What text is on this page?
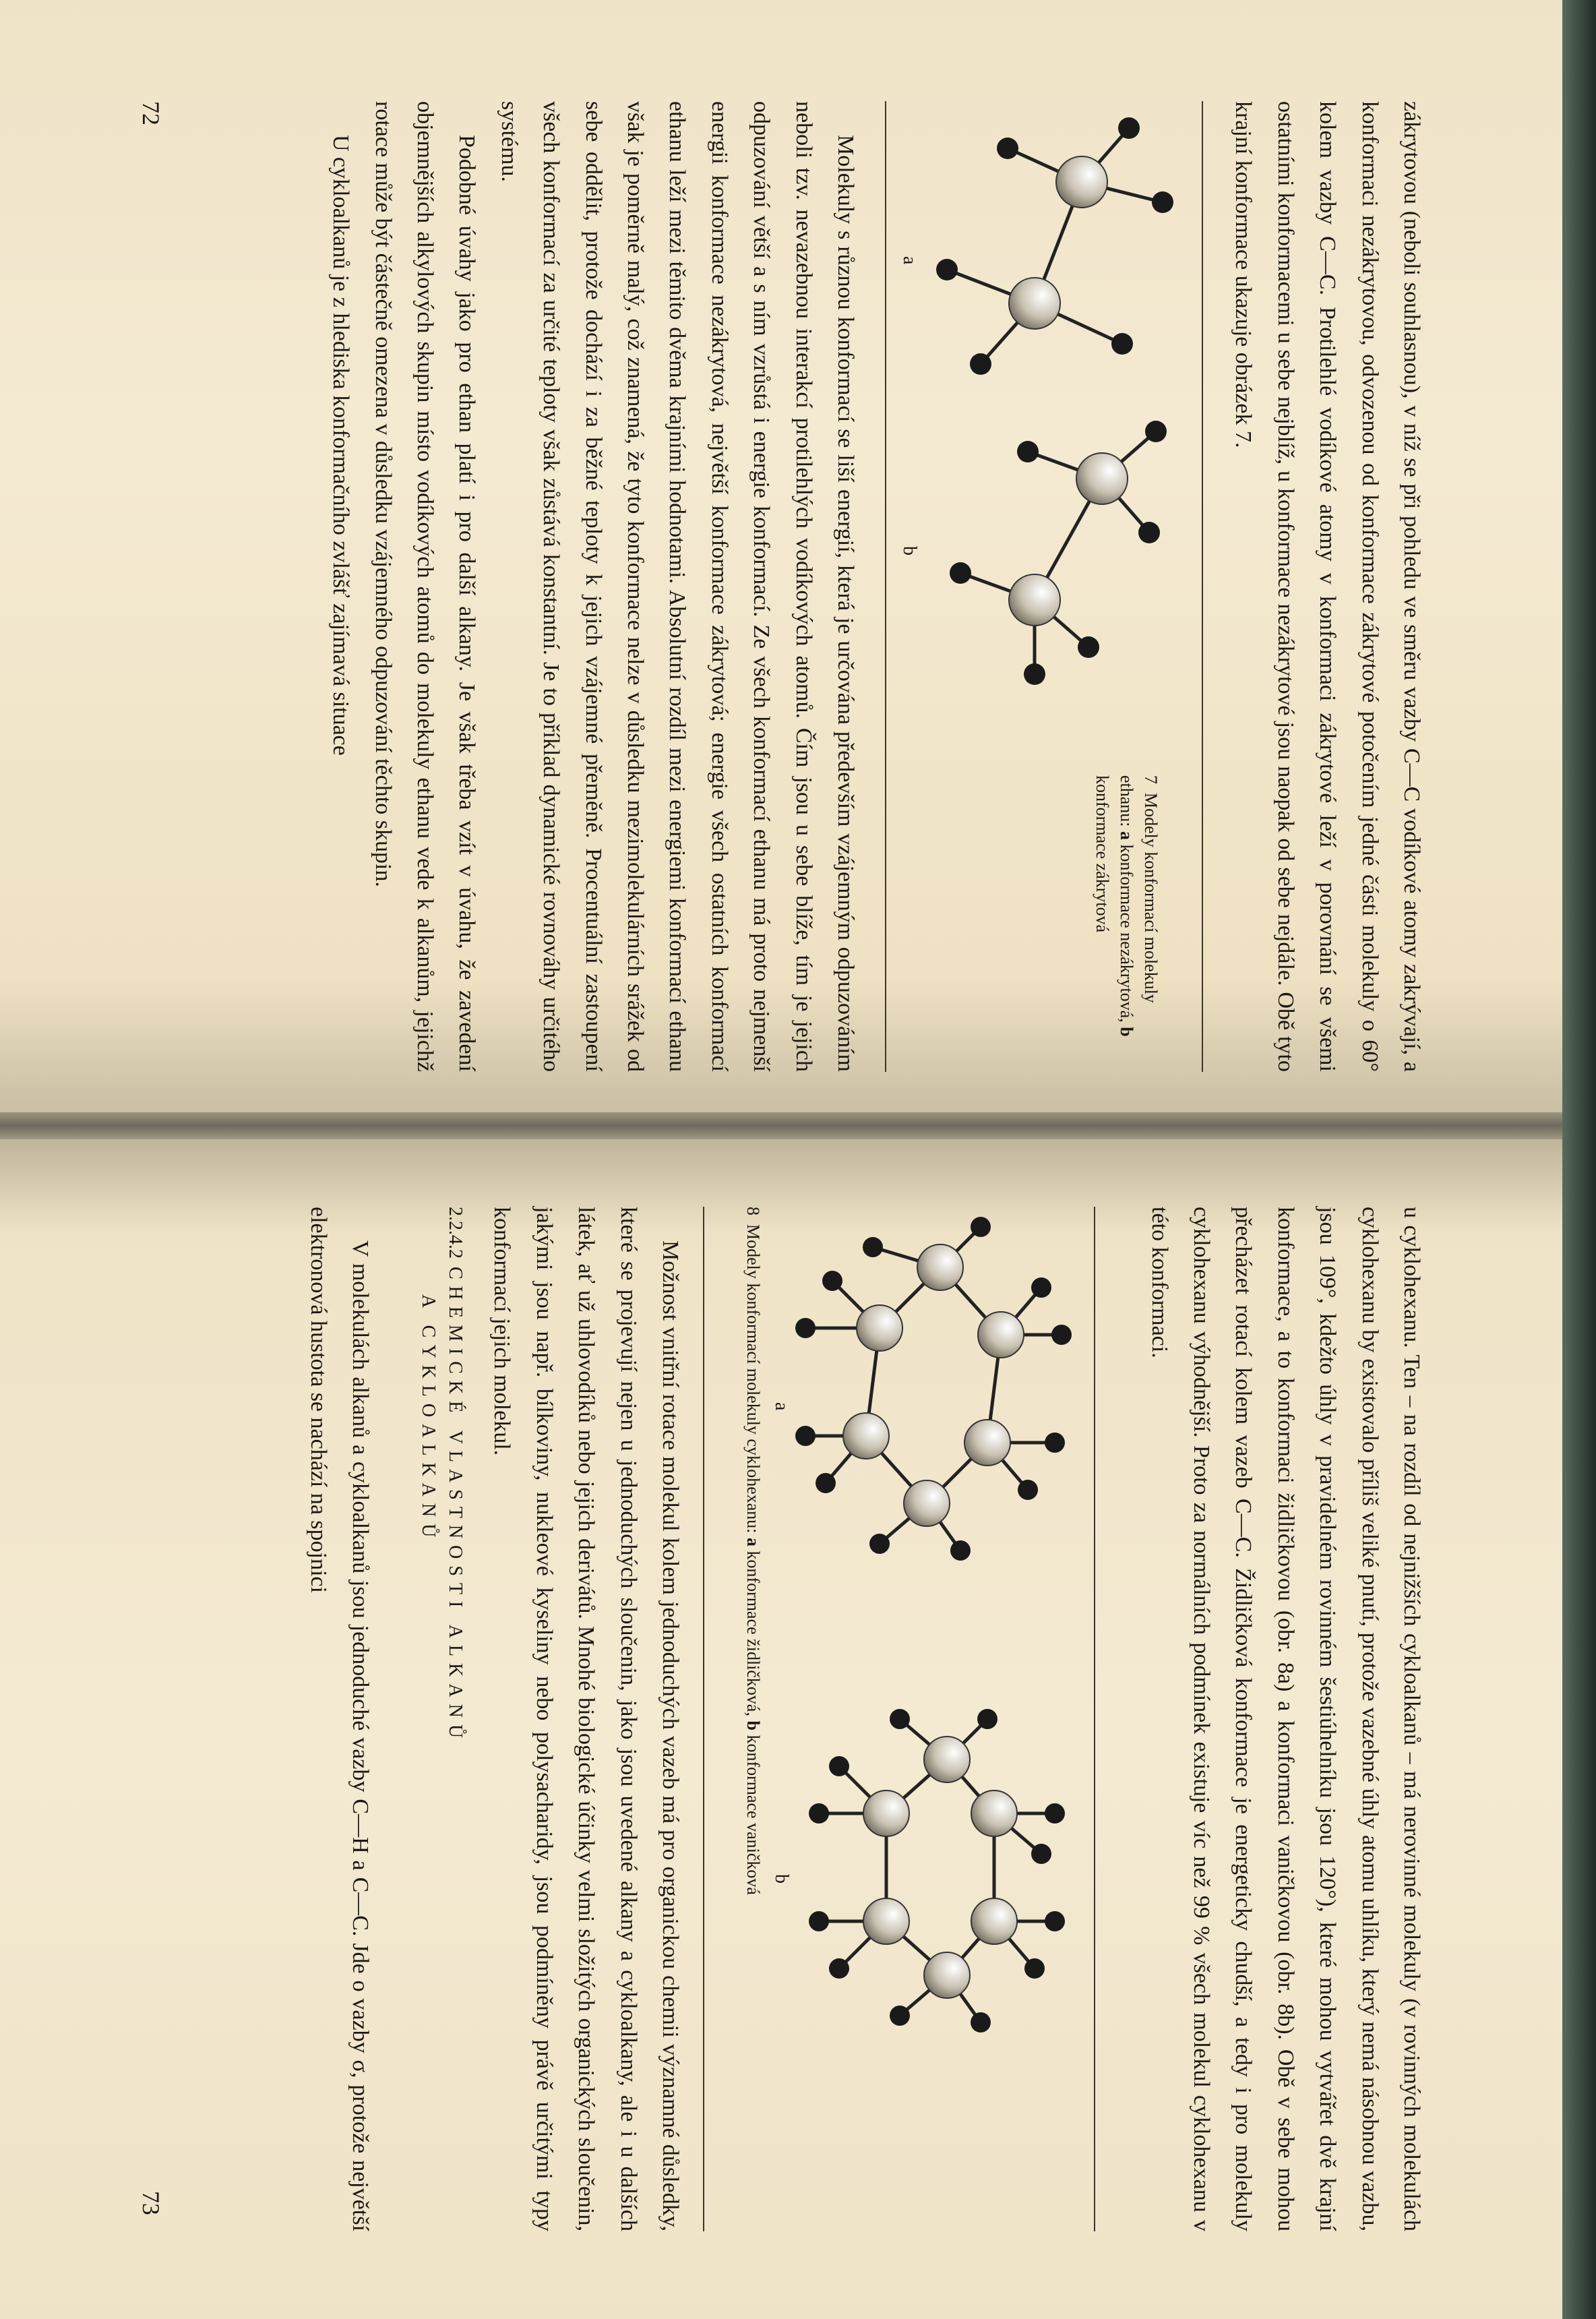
zákrytovou (neboli souhlasnou), v níž se při pohledu ve směru vazby C—C vodíkové atomy zakrývají, a konformaci nezákrytovou, odvozenou od konformace zákrytové potočením jedné části molekuly o 60° kolem vazby C—C. Protilehlé vodíkové atomy v konformaci zákrytové leží v porovnání se všemi ostatními konformacemi u sebe nejblíž, u konformace nezákrytové jsou naopak od sebe nejdále. Obě tyto krajní konformace ukazuje obrázek 7.

a
b
7  Modely konformací molekuly ethanu: a konformace nezákrytová, b konformace zákrytová

Molekuly s různou konformací se liší energií, která je určována především vzájemným odpuzováním neboli tzv. nevazebnou interakcí protilehlých vodíkových atomů. Čím jsou u sebe blíže, tím je jejich odpuzování větší a s ním vzrůstá i energie konformací. Ze všech konformací ethanu má proto nejmenší energii konformace nezákrytová, největší konformace zákrytová; energie všech ostatních konformací ethanu leží mezi těmito dvěma krajními hodnotami. Absolutní rozdíl mezi energiemi konformací ethanu však je poměrně malý, což znamená, že tyto konformace nelze v důsledku mezimolekulárních srážek od sebe oddělit, protože dochází i za běžné teploty k jejich vzájemné přeměně. Procentuální zastoupení všech konformací za určité teploty však zůstává konstantní. Je to příklad dynamické rovnováhy určitého systému.

Podobné úvahy jako pro ethan platí i pro další alkany. Je však třeba vzít v úvahu, že zavedení objemnějších alkylových skupin místo vodíkových atomů do molekuly ethanu vede k alkanům, jejichž rotace může být částečně omezena v důsledku vzájemného odpuzování těchto skupin.

U cykloalkanů je z hlediska konformačního zvlášť zajímavá situace

72

u cyklohexanu. Ten – na rozdíl od nejnižších cykloalkanů – má nerovinné molekuly (v rovinných molekulách cyklohexanu by existovalo příliš veliké pnutí, protože vazebné úhly atomu uhlíku, který nemá násobnou vazbu, jsou 109°, kdežto úhly v pravidelném rovinném šestiúhelníku jsou 120°), které mohou vytvářet dvě krajní konformace, a to konformaci židličkovou (obr. 8a) a konformaci vaničkovou (obr. 8b). Obě v sebe mohou přecházet rotací kolem vazeb C—C. Židličková konformace je energeticky chudší, a tedy i pro molekuly cyklohexanu výhodnější. Proto za normálních podmínek existuje víc než 99 % všech molekul cyklohexanu v této konformaci.

a
b
8  Modely konformací molekuly cyklohexanu: a konformace židličková, b konformace vaničková

Možnost vnitřní rotace molekul kolem jednoduchých vazeb má pro organickou chemii významné důsledky, které se projevují nejen u jednoduchých sloučenin, jako jsou uvedené alkany a cykloalkany, ale i u dalších látek, ať už uhlovodíků nebo jejich derivátů. Mnohé biologické účinky velmi složitých organických sloučenin, jakými jsou např. bílkoviny, nukleové kyseliny nebo polysacharidy, jsou podmíněny právě určitými typy konformací jejich molekul.

2.2.4.2   CHEMICKÉ VLASTNOSTI ALKANŮ
A CYKLOALKANŮ

V molekulách alkanů a cykloalkanů jsou jednoduché vazby C—H a C—C. Jde o vazby σ, protože největší elektronová hustota se nachází na spojnici

73
